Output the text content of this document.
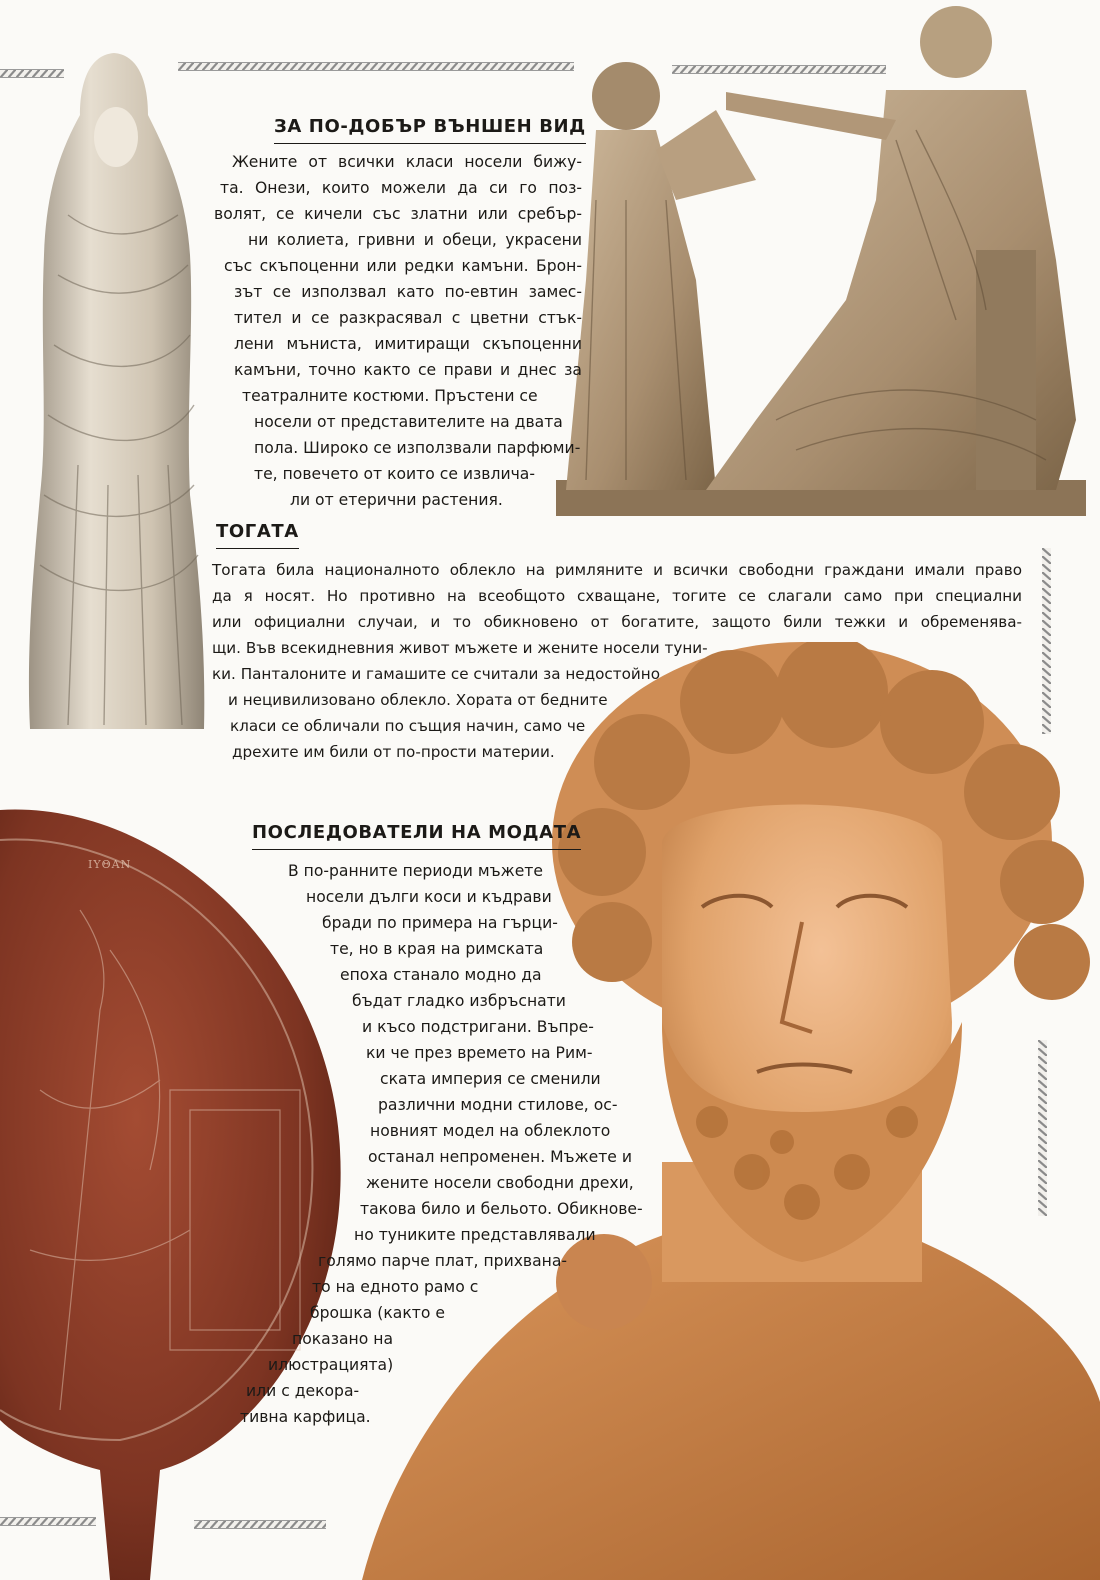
ΙΥΘΑΝ
ЗА ПО-ДОБЪР ВЪНШЕН ВИД
Жените от всички класи носели бижу-
та. Онези, които можели да си го поз-
волят, се кичели със златни или сребър-
ни колиета, гривни и обеци, украсени
със скъпоценни или редки камъни. Брон-
зът се използвал като по-евтин замес-
тител и се разкрасявал с цветни стък-
лени мъниста, имитиращи скъпоценни
камъни, точно както се прави и днес за
театралните костюми. Пръстени се
носели от представителите на двата
пола. Широко се използвали парфюми-
те, повечето от които се извлича-
ли от етерични растения.
ТОГАТА
Тогата била националното облекло на римляните и всички свободни граждани имали право
да я носят. Но противно на всеобщото схващане, тогите се слагали само при специални
или официални случаи, и то обикновено от богатите, защото били тежки и обременява-
щи. Във всекидневния живот мъжете и жените носели туни-
ки. Панталоните и гамашите се считали за недостойно
и нецивилизовано облекло. Хората от бедните
класи се обличали по същия начин, само че
дрехите им били от по-прости материи.
ПОСЛЕДОВАТЕЛИ НА МОДАТА
В по-ранните периоди мъжете
носели дълги коси и къдрави
бради по примера на гърци-
те, но в края на римската
епоха станало модно да
бъдат гладко избръснати
и късо подстригани. Въпре-
ки че през времето на Рим-
ската империя се сменили
различни модни стилове, ос-
новният модел на облеклото
останал непроменен. Мъжете и
жените носели свободни дрехи,
такова било и бельото. Обикнове-
но туниките представлявали
голямо парче плат, прихвана-
то на едното рамо с
брошка (както е
показано на
илюстрацията)
или с декора-
тивна карфица.
